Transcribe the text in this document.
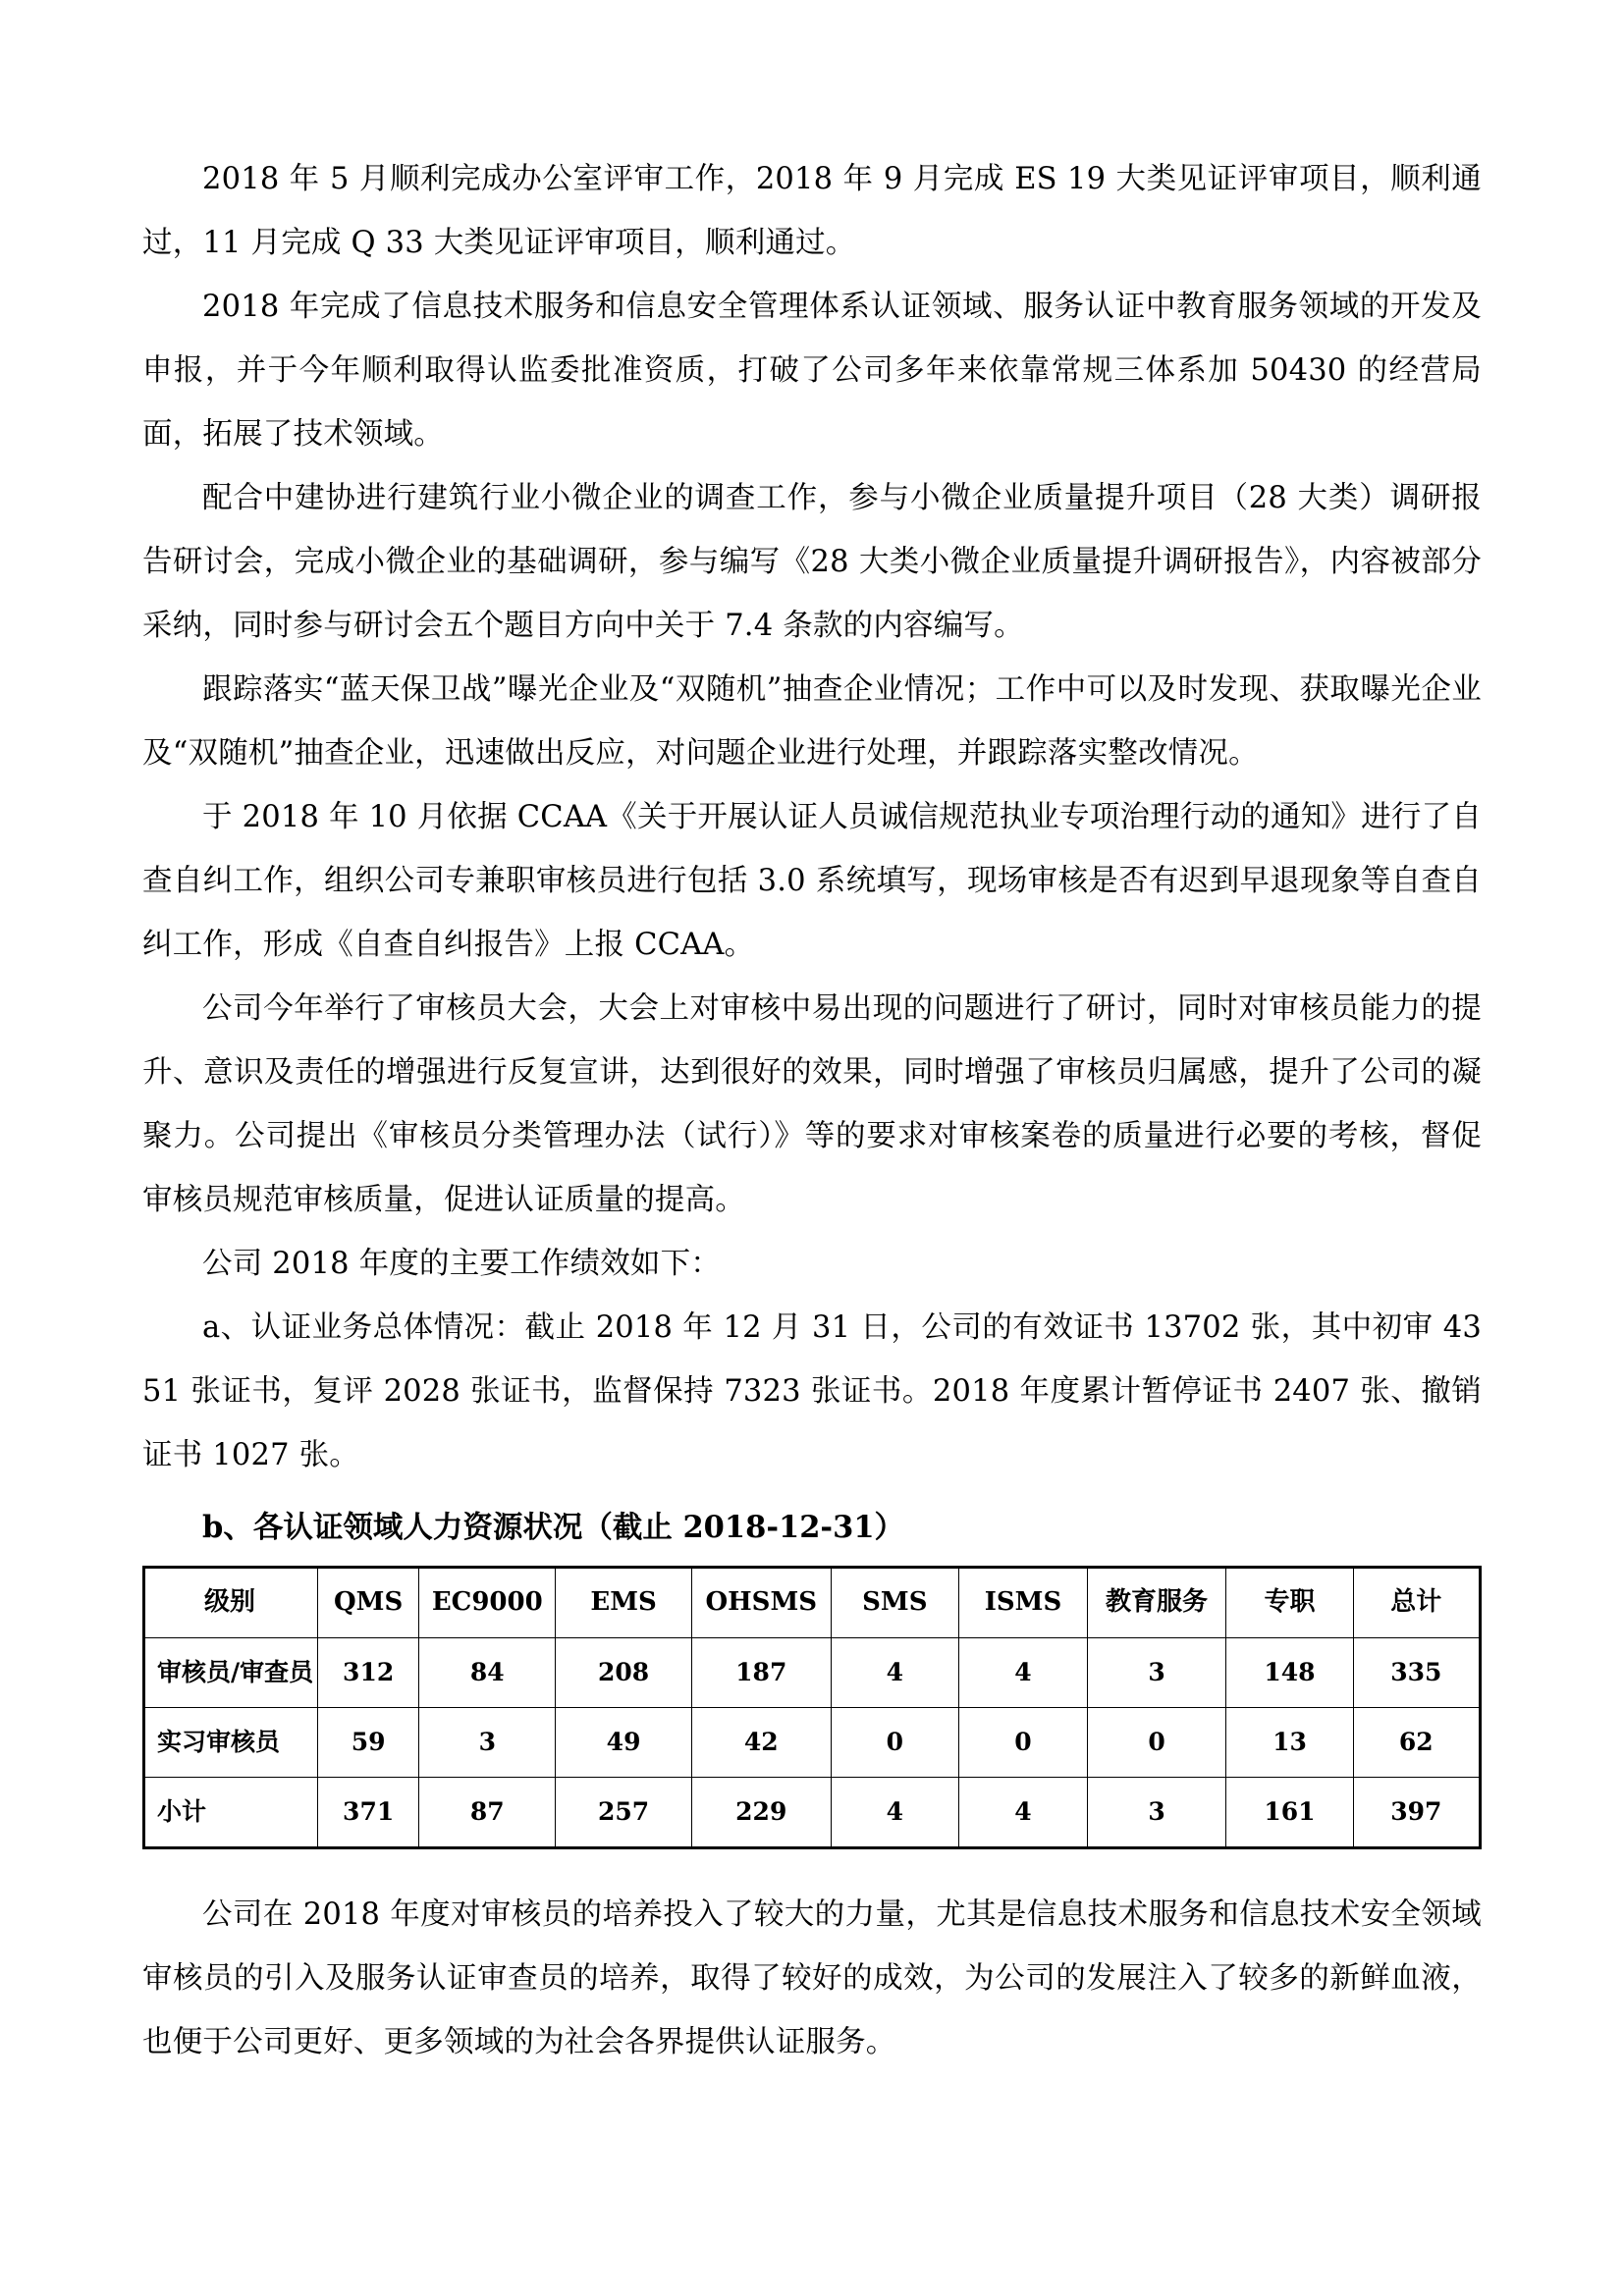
2018 年 5 月顺利完成办公室评审工作，2018 年 9 月完成 ES 19 大类见证评审项目，顺利通过，11 月完成 Q 33 大类见证评审项目，顺利通过。

2018 年完成了信息技术服务和信息安全管理体系认证领域、服务认证中教育服务领域的开发及申报，并于今年顺利取得认监委批准资质，打破了公司多年来依靠常规三体系加 50430 的经营局面，拓展了技术领域。

配合中建协进行建筑行业小微企业的调查工作，参与小微企业质量提升项目（28 大类）调研报告研讨会，完成小微企业的基础调研，参与编写《28 大类小微企业质量提升调研报告》，内容被部分采纳，同时参与研讨会五个题目方向中关于 7.4 条款的内容编写。

跟踪落实“蓝天保卫战”曝光企业及“双随机”抽查企业情况；工作中可以及时发现、获取曝光企业及“双随机”抽查企业，迅速做出反应，对问题企业进行处理，并跟踪落实整改情况。

于 2018 年 10 月依据 CCAA《关于开展认证人员诚信规范执业专项治理行动的通知》进行了自查自纠工作，组织公司专兼职审核员进行包括 3.0 系统填写，现场审核是否有迟到早退现象等自查自纠工作，形成《自查自纠报告》上报 CCAA。

公司今年举行了审核员大会，大会上对审核中易出现的问题进行了研讨，同时对审核员能力的提升、意识及责任的增强进行反复宣讲，达到很好的效果，同时增强了审核员归属感，提升了公司的凝聚力。公司提出《审核员分类管理办法（试行）》等的要求对审核案卷的质量进行必要的考核，督促审核员规范审核质量，促进认证质量的提高。

公司 2018 年度的主要工作绩效如下：

a、认证业务总体情况：截止 2018 年 12 月 31 日，公司的有效证书 13702 张，其中初审 4351 张证书，复评 2028 张证书，监督保持 7323 张证书。2018 年度累计暂停证书 2407 张、撤销证书 1027 张。

b、各认证领域人力资源状况（截止 2018-12-31）
级别	QMS	EC9000	EMS	OHSMS	SMS	ISMS	教育服务	专职	总计
审核员/审查员	312	84	208	187	4	4	3	148	335
实习审核员	59	3	49	42	0	0	0	13	62
小计	371	87	257	229	4	4	3	161	397

公司在 2018 年度对审核员的培养投入了较大的力量，尤其是信息技术服务和信息技术安全领域审核员的引入及服务认证审查员的培养，取得了较好的成效，为公司的发展注入了较多的新鲜血液，也便于公司更好、更多领域的为社会各界提供认证服务。
